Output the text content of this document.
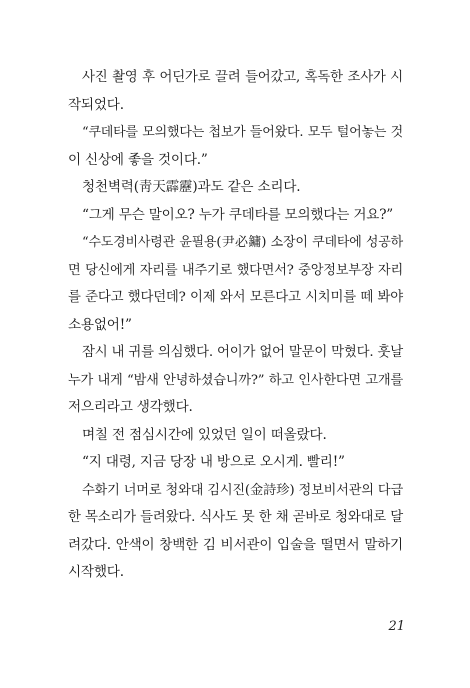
사진 촬영 후 어딘가로 끌려 들어갔고, 혹독한 조사가 시
작되었다.
“쿠데타를 모의했다는 첩보가 들어왔다. 모두 털어놓는 것
이 신상에 좋을 것이다.”
청천벽력(靑天霹靂)과도 같은 소리다.
“그게 무슨 말이오? 누가 쿠데타를 모의했다는 거요?”
“수도경비사령관 윤필용(尹必鏞) 소장이 쿠데타에 성공하
면 당신에게 자리를 내주기로 했다면서? 중앙정보부장 자리
를 준다고 했다던데? 이제 와서 모른다고 시치미를 떼 봐야
소용없어!”
잠시 내 귀를 의심했다. 어이가 없어 말문이 막혔다. 훗날
누가 내게 “밤새 안녕하셨습니까?” 하고 인사한다면 고개를
저으리라고 생각했다.
며칠 전 점심시간에 있었던 일이 떠올랐다.
“지 대령, 지금 당장 내 방으로 오시게. 빨리!”
수화기 너머로 청와대 김시진(金詩珍) 정보비서관의 다급
한 목소리가 들려왔다. 식사도 못 한 채 곧바로 청와대로 달
려갔다. 안색이 창백한 김 비서관이 입술을 떨면서 말하기
시작했다.
21
